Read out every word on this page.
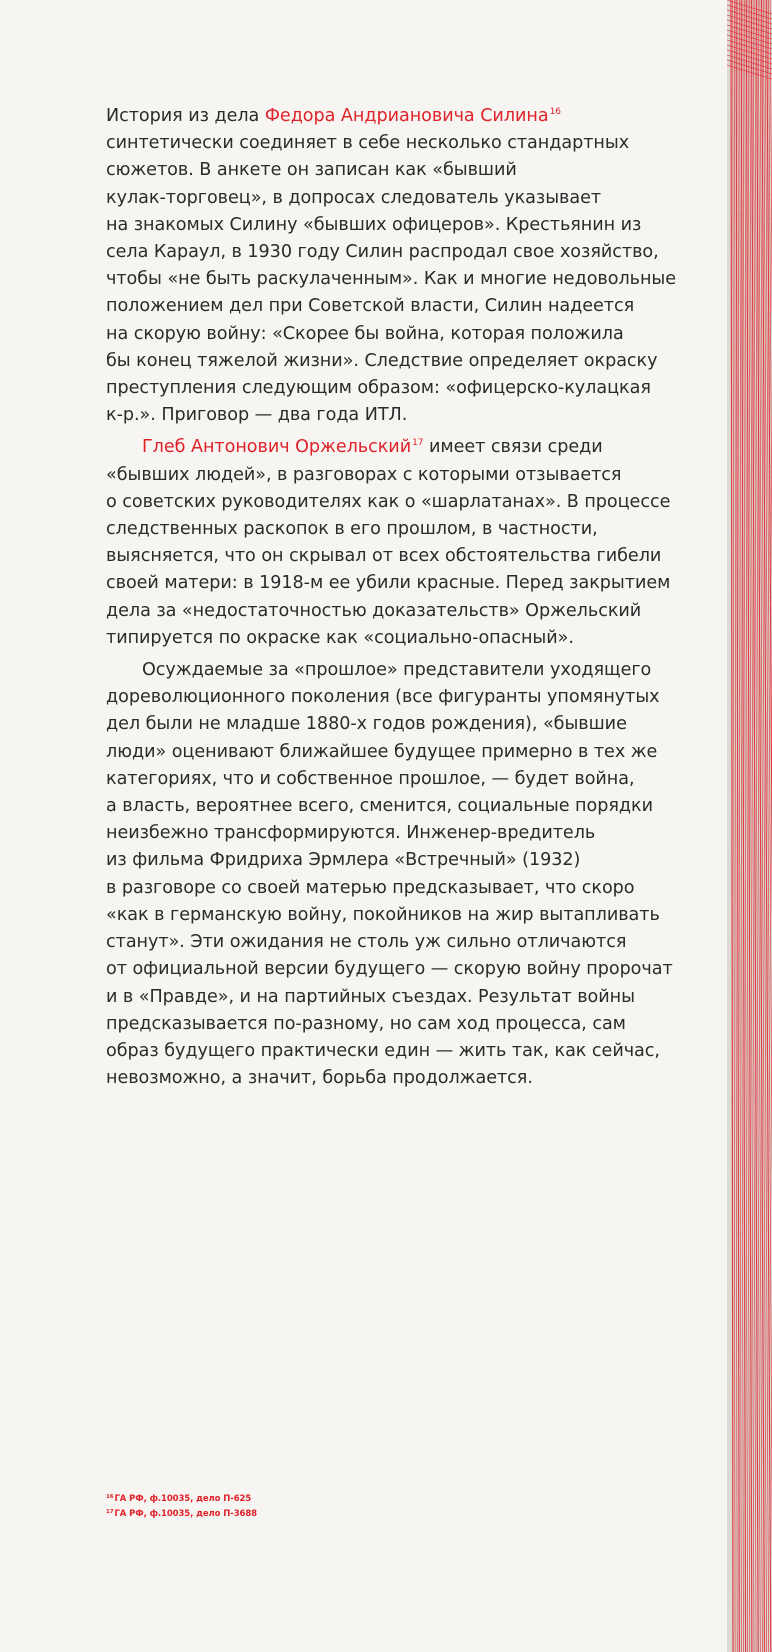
История из дела Федора Андриановича Силина$^{16}$
синтетически соединяет в себе несколько стандартных
сюжетов. В анкете он записан как «бывший
кулак-торговец», в допросах следователь указывает
на знакомых Силину «бывших офицеров». Крестьянин из
села Караул, в 1930 году Силин распродал свое хозяйство,
чтобы «не быть раскулаченным». Как и многие недовольные
положением дел при Советской власти, Силин надеется
на скорую войну: «Скорее бы война, которая положила
бы конец тяжелой жизни». Следствие определяет окраску
преступления следующим образом: «офицерско-кулацкая
к-р.». Приговор — два года ИТЛ.

Глеб Антонович Оржельский$^{17}$ имеет связи среди
«бывших людей», в разговорах с которыми отзывается
о советских руководителях как о «шарлатанах». В процессе
следственных раскопок в его прошлом, в частности,
выясняется, что он скрывал от всех обстоятельства гибели
своей матери: в 1918-м ее убили красные. Перед закрытием
дела за «недостаточностью доказательств» Оржельский
типируется по окраске как «социально-опасный».

Осуждаемые за «прошлое» представители уходящего
дореволюционного поколения (все фигуранты упомянутых
дел были не младше 1880-х годов рождения), «бывшие
люди» оценивают ближайшее будущее примерно в тех же
категориях, что и собственное прошлое, — будет война,
а власть, вероятнее всего, сменится, социальные порядки
неизбежно трансформируются. Инженер-вредитель
из фильма Фридриха Эрмлера «Встречный» (1932)
в разговоре со своей матерью предсказывает, что скоро
«как в германскую войну, покойников на жир вытапливать
станут». Эти ожидания не столь уж сильно отличаются
от официальной версии будущего — скорую войну пророчат
и в «Правде», и на партийных съездах. Результат войны
предсказывается по-разному, но сам ход процесса, сам
образ будущего практически един — жить так, как сейчас,
невозможно, а значит, борьба продолжается.

$^{16}$ГА РФ, ф.10035, дело П-625
$^{17}$ГА РФ, ф.10035, дело П-3688
